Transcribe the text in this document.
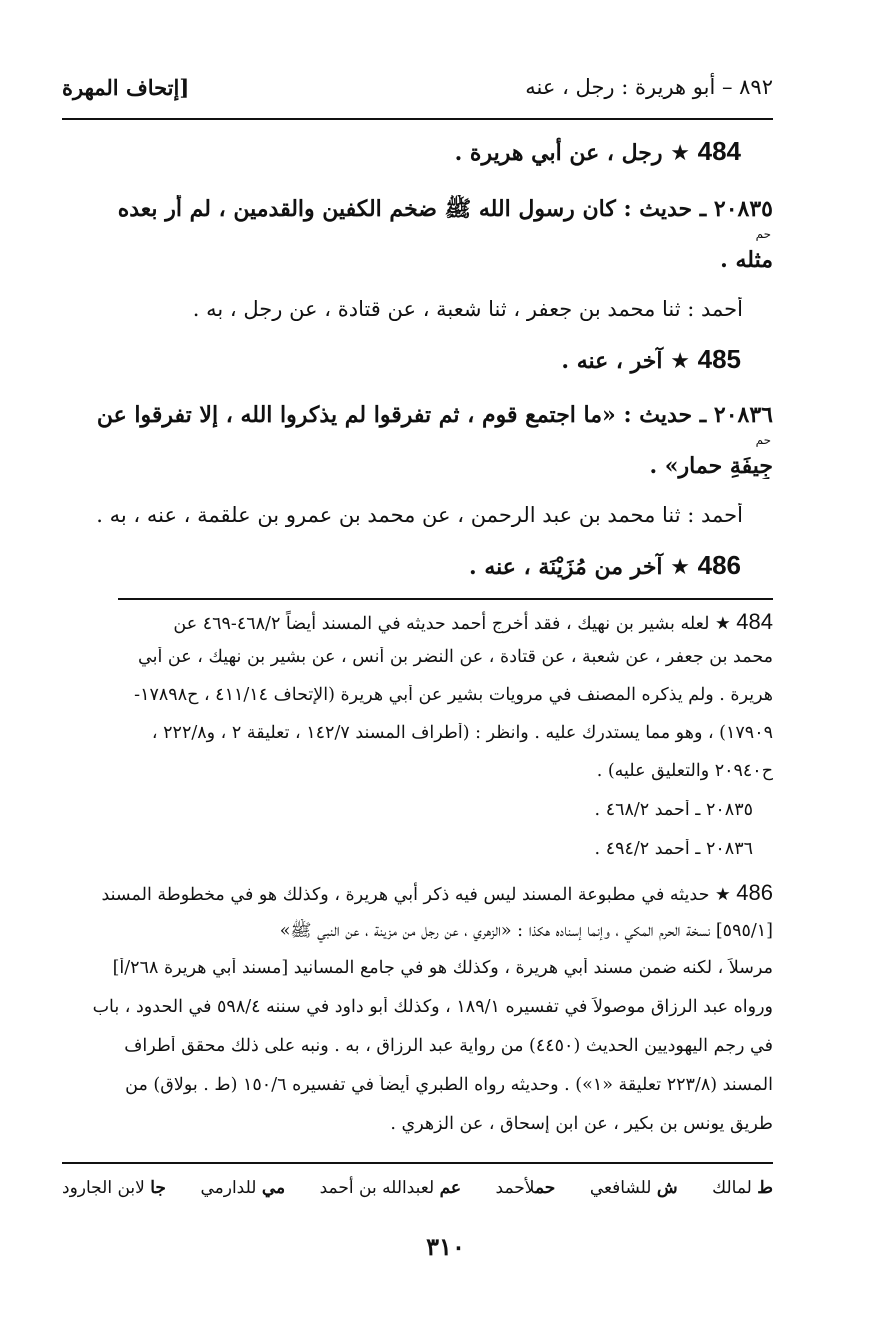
٨٩٢ – أبو هريرة : رجل ، عنه
[إتحاف المهرة
484 ★ رجل ، عن أبي هريرة .
٢٠٨٣٥ ـ حديث : كان رسول الله ﷺ ضخم الكفين والقدمين ، لم أر بعده
حم
مثله .
أحمد : ثنا محمد بن جعفر ، ثنا شعبة ، عن قتادة ، عن رجل ، به .
485 ★ آخر ، عنه .
٢٠٨٣٦ ـ حديث : «ما اجتمع قوم ، ثم تفرقوا لم يذكروا الله ، إلا تفرقوا عن
حم
جِيفَةِ حمار» .
أحمد : ثنا محمد بن عبد الرحمن ، عن محمد بن عمرو بن علقمة ، عنه ، به .
486 ★ آخر من مُزَيْنَة ، عنه .
484 ★ لعله بشير بن نهيك ، فقد أخرج أحمد حديثه في المسند أيضاً ٤٦٨/٢-٤٦٩ عن
محمد بن جعفر ، عن شعبة ، عن قتادة ، عن النضر بن أنس ، عن بشير بن نهيك ، عن أبي
هريرة . ولم يذكره المصنف في مرويات بشير عن أبي هريرة (الإتحاف ٤١١/١٤ ، ح١٧٨٩٨-
١٧٩٠٩) ، وهو مما يستدرك عليه . وانظر : (أطراف المسند ١٤٢/٧ ، تعليقة ٢ ، و٢٢٢/٨ ،
ح٢٠٩٤٠ والتعليق عليه) .
٢٠٨٣٥ ـ أحمد ٤٦٨/٢ .
٢٠٨٣٦ ـ أحمد ٤٩٤/٢ .
486 ★ حديثه في مطبوعة المسند ليس فيه ذكر أبي هريرة ، وكذلك هو في مخطوطة المسند
[٥٩٥/١] نسخة الحرم المكي ، وإنما إسناده هكذا : «الزهري ، عن رجل من مزينة ، عن النبي ﷺ»
مرسلاً ، لكنه ضمن مسند أبي هريرة ، وكذلك هو في جامع المسانيد [مسند أبي هريرة ٢٦٨/أ]
ورواه عبد الرزاق موصولاً في تفسيره ١٨٩/١ ، وكذلك أبو داود في سننه ٥٩٨/٤ في الحدود ، باب
في رجم اليهوديين الحديث (٤٤٥٠) من رواية عبد الرزاق ، به . ونبه على ذلك محقق أطراف
المسند (٢٢٣/٨ تعليقة «١») . وحديثه رواه الطبري أيضاً في تفسيره ١٥٠/٦ (ط . بولاق) من
طريق يونس بن بكير ، عن ابن إسحاق ، عن الزهري .
ط لمالك
ش للشافعي
حملأحمد
عم لعبدالله بن أحمد
مي للدارمي
جا لابن الجارود
٣١٠
